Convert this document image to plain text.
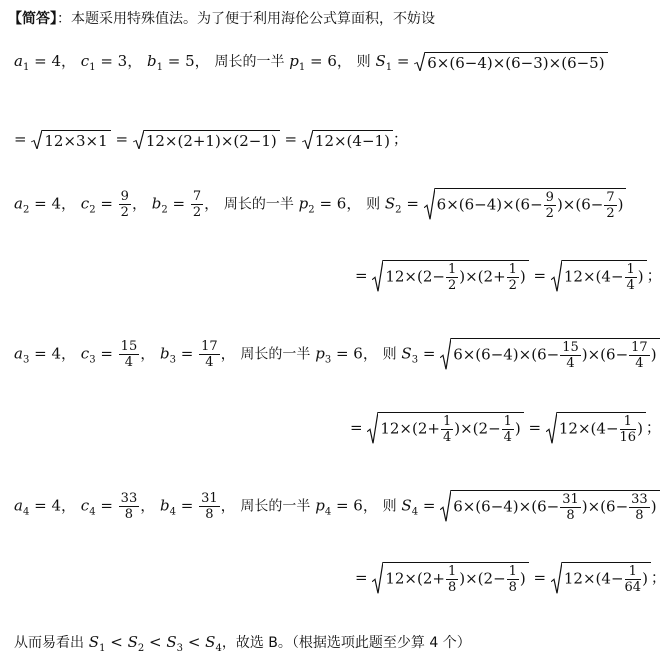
【简答】：本题采用特殊值法。为了便于利用海伦公式算面积，不妨设
$a_1 = 4$， $c_1 = 3$， $b_1 = 5$， 周长的一半 $p_1 = 6$， 则 $S_1 = 6\times(6-4)\times(6-3)\times(6-5)$
= 12×3×1 = 12×(2+1)×(2−1) = 12×(4−1) ；
$a_2 = 4$， $c_2 = \frac{9}{2}$ ， $b_2 = \frac{7}{2}$ ， 周长的一半 $p_2 = 6$， 则 $S_2$ =
$6\times(6-4)\times(6- \frac{9}{2} )\times(6- \frac{7}{2}$ )
=
$12\times(2- \frac{1}{2} )\times(2+ \frac{1}{2}$ ) =
$12\times(4- \frac{1}{4}$ ) ；
$a_3 = 4$， $c_3 = \frac{15}{4}$ ， $b_3 = \frac{17}{4}$ ， 周长的一半 $p_3 = 6$， 则 $S_3$ =
$6\times(6-4)\times(6- \frac{15}{4} )\times(6- \frac{17}{4}$ )
=
$12\times(2+ \frac{1}{4} )\times(2- \frac{1}{4}$ ) =
$12\times(4- \frac{1}{16}$ ) ；
$a_4 = 4$， $c_4 = \frac{33}{8}$ ， $b_4 = \frac{31}{8}$ ， 周长的一半 $p_4 = 6$， 则 $S_4$ =
$6\times(6-4)\times(6- \frac{31}{8} )\times(6- \frac{33}{8}$ )
=
$12\times(2+ \frac{1}{8} )\times(2- \frac{1}{8}$ ) =
$12\times(4- \frac{1}{64}$ ) ；
从而易看出 $S_1 < S_2 < S_3 < S_4$，故选 B。（根据选项此题至少算 4 个）
